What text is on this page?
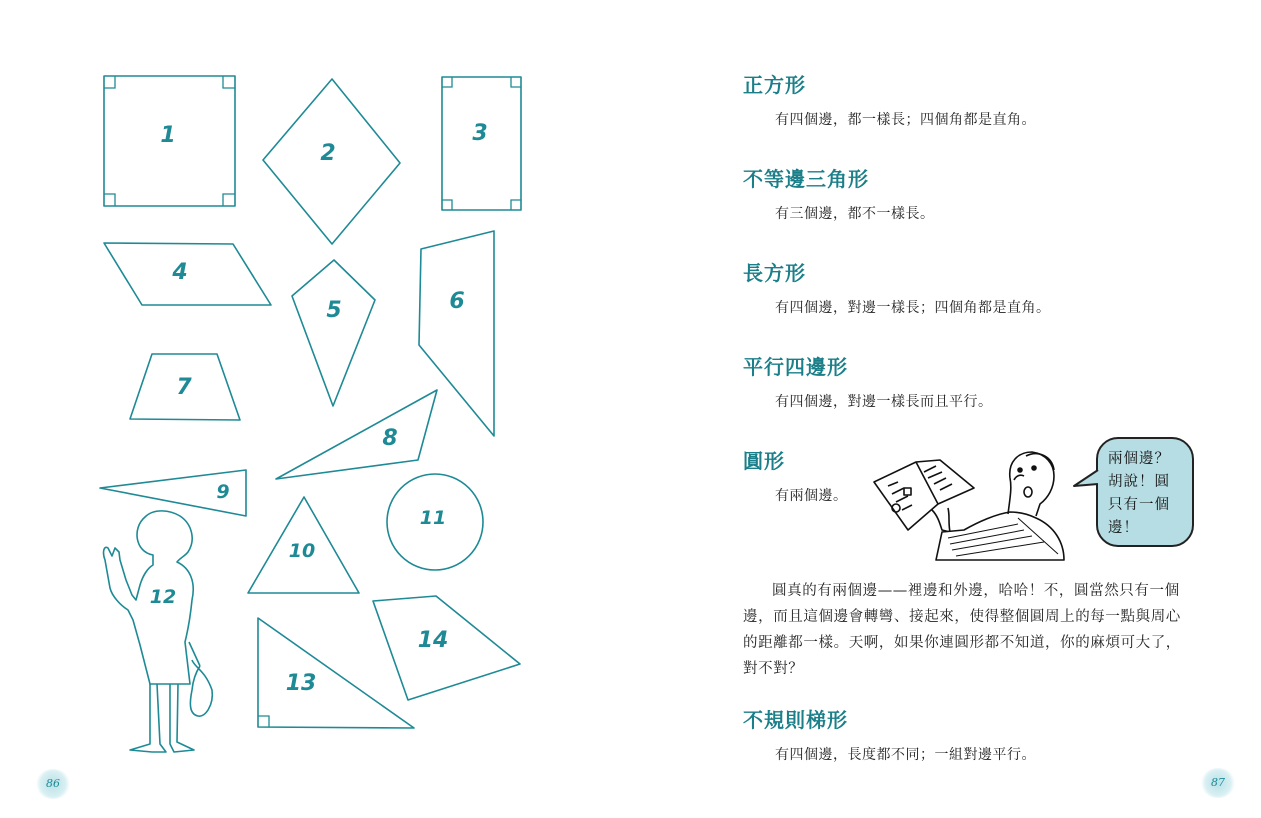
1
2
3
4
5	6
7
8
9
10
11
12
13
14
86
正方形

有四個邊，都一樣長；四個角都是直角。

不等邊三角形

有三個邊，都不一樣長。

長方形

有四個邊，對邊一樣長；四個角都是直角。

平行四邊形

有四個邊，對邊一樣長而且平行。

圓形

有兩個邊。

兩個邊？
胡說！圓
只有一個
邊！

圓真的有兩個邊——裡邊和外邊，哈哈！不，圓當然只有一個邊，而且這個邊會轉彎、接起來，使得整個圓周上的每一點與周心的距離都一樣。天啊，如果你連圓形都不知道，你的麻煩可大了，對不對？

不規則梯形

有四個邊，長度都不同；一組對邊平行。

87
